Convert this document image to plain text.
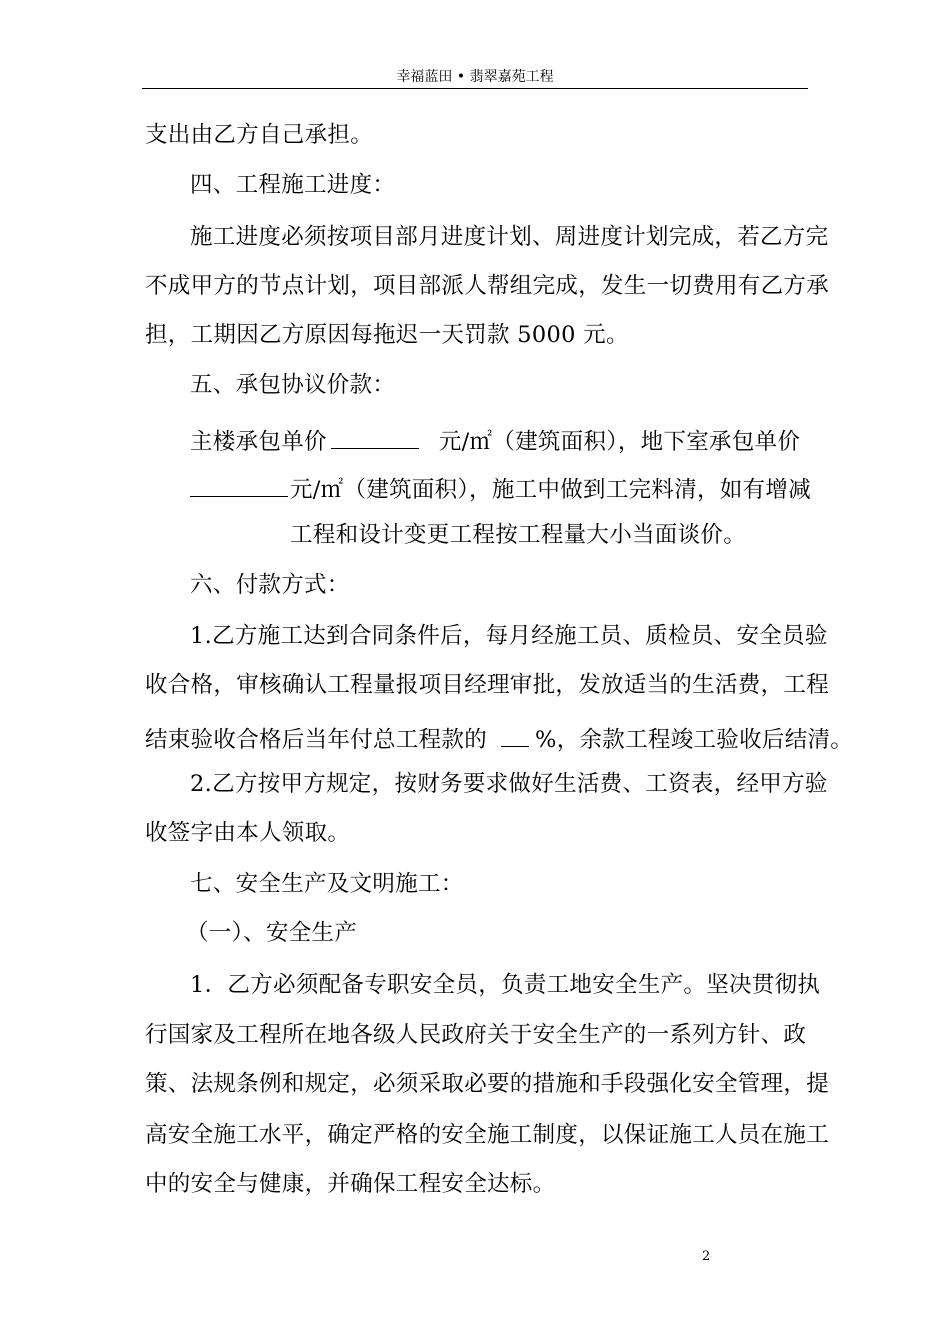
幸福蓝田 • 翡翠嘉苑工程
支出由乙方自己承担。
四、工程施工进度：
施工进度必须按项目部月进度计划、周进度计划完成，若乙方完
不成甲方的节点计划，项目部派人帮组完成，发生一切费用有乙方承
担，工期因乙方原因每拖迟一天罚款 5000 元。
五、承包协议价款：
主楼承包单价	元/㎡（建筑面积），地下室承包单价
元/㎡（建筑面积），施工中做到工完料清，如有增减
工程和设计变更工程按工程量大小当面谈价。
六、付款方式：
1.乙方施工达到合同条件后，每月经施工员、质检员、安全员验
收合格，审核确认工程量报项目经理审批，发放适当的生活费，工程
结束验收合格后当年付总工程款的 %，余款工程竣工验收后结清。
2.乙方按甲方规定，按财务要求做好生活费、工资表，经甲方验
收签字由本人领取。
七、安全生产及文明施工：
（一）、安全生产
1．乙方必须配备专职安全员，负责工地安全生产。坚决贯彻执
行国家及工程所在地各级人民政府关于安全生产的一系列方针、政
策、法规条例和规定，必须采取必要的措施和手段强化安全管理，提
高安全施工水平，确定严格的安全施工制度，以保证施工人员在施工
中的安全与健康，并确保工程安全达标。
2
